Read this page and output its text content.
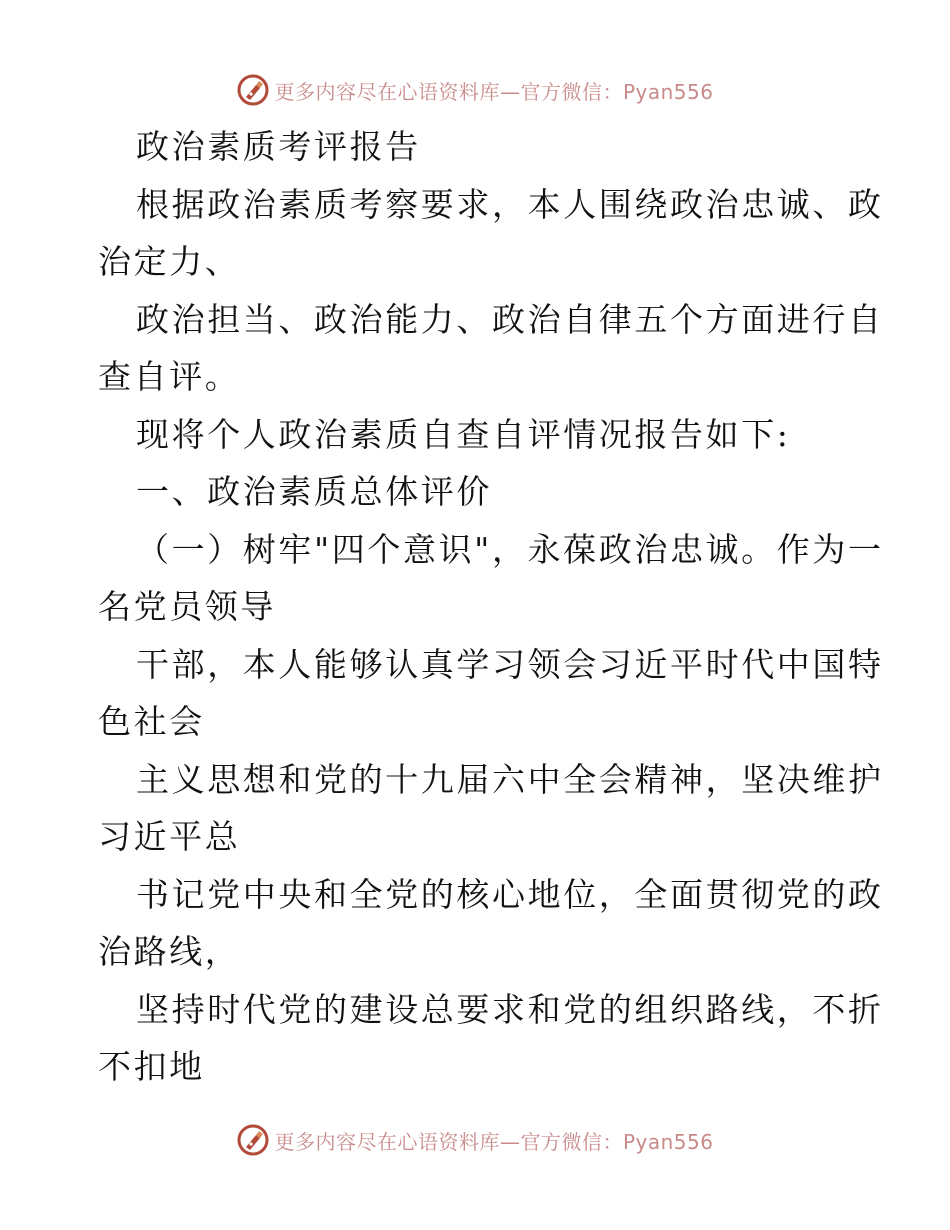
更多内容尽在心语资料库—官方微信：Pyan556
政治素质考评报告
根据政治素质考察要求，本人围绕政治忠诚、政
治定力、
政治担当、政治能力、政治自律五个方面进行自
查自评。
现将个人政治素质自查自评情况报告如下:
一、政治素质总体评价
（一）树牢"四个意识"，永葆政治忠诚。作为一
名党员领导
干部，本人能够认真学习领会习近平时代中国特
色社会
主义思想和党的十九届六中全会精神，坚决维护
习近平总
书记党中央和全党的核心地位，全面贯彻党的政
治路线，
坚持时代党的建设总要求和党的组织路线，不折
不扣地
更多内容尽在心语资料库—官方微信：Pyan556
